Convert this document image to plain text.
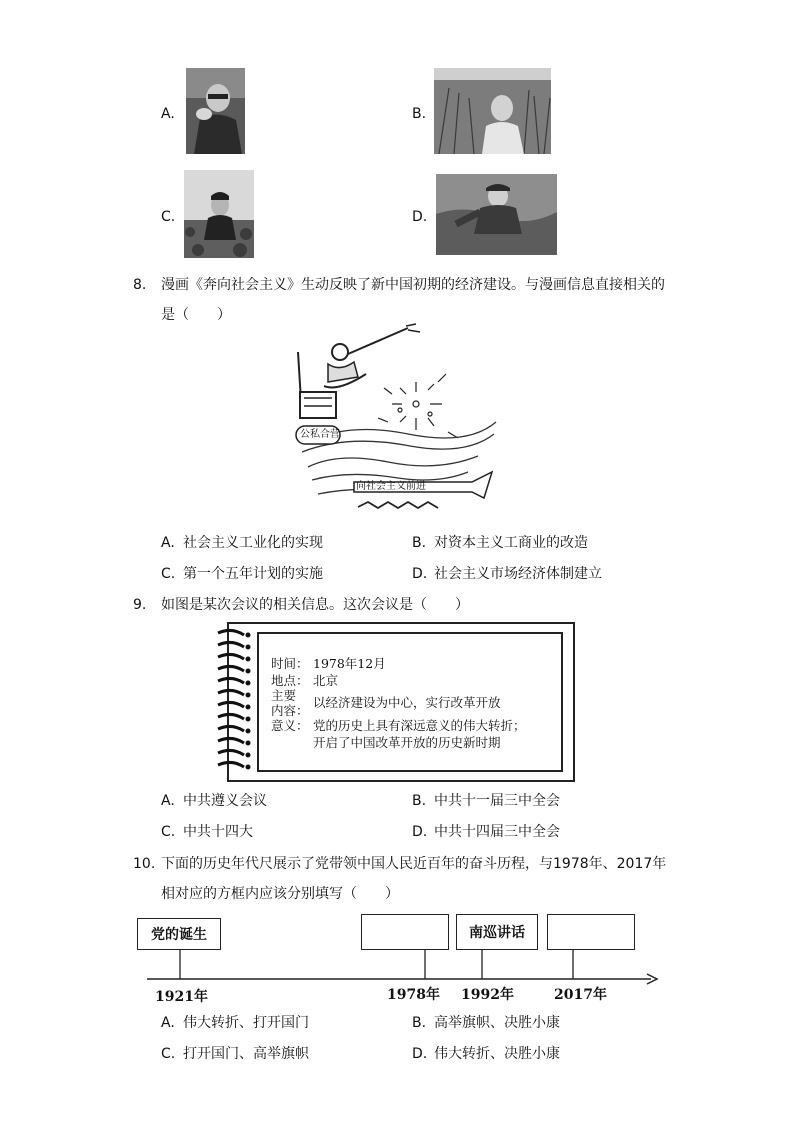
A.	B.
C.	D.
8. 漫画《奔向社会主义》生动反映了新中国初期的经济建设。与漫画信息直接相关的
是（　　）
公私合营
向社会主义前进
A. 社会主义工业化的实现	B. 对资本主义工商业的改造
C. 第一个五年计划的实施	D. 社会主义市场经济体制建立
9. 如图是某次会议的相关信息。这次会议是（　　）
时间： 1978年12月
地点： 北京
主要
内容：
以经济建设为中心，实行改革开放
意义： 党的历史上具有深远意义的伟大转折；
开启了中国改革开放的历史新时期
A. 中共遵义会议	B. 中共十一届三中全会
C. 中共十四大	D. 中共十四届三中全会
10. 下面的历史年代尺展示了党带领中国人民近百年的奋斗历程，与1978年、2017年
相对应的方框内应该分别填写（　　）
党的诞生	南巡讲话
1921年	1978年 1992年	2017年
A. 伟大转折、打开国门	B. 高举旗帜、决胜小康
C. 打开国门、高举旗帜	D. 伟大转折、决胜小康
